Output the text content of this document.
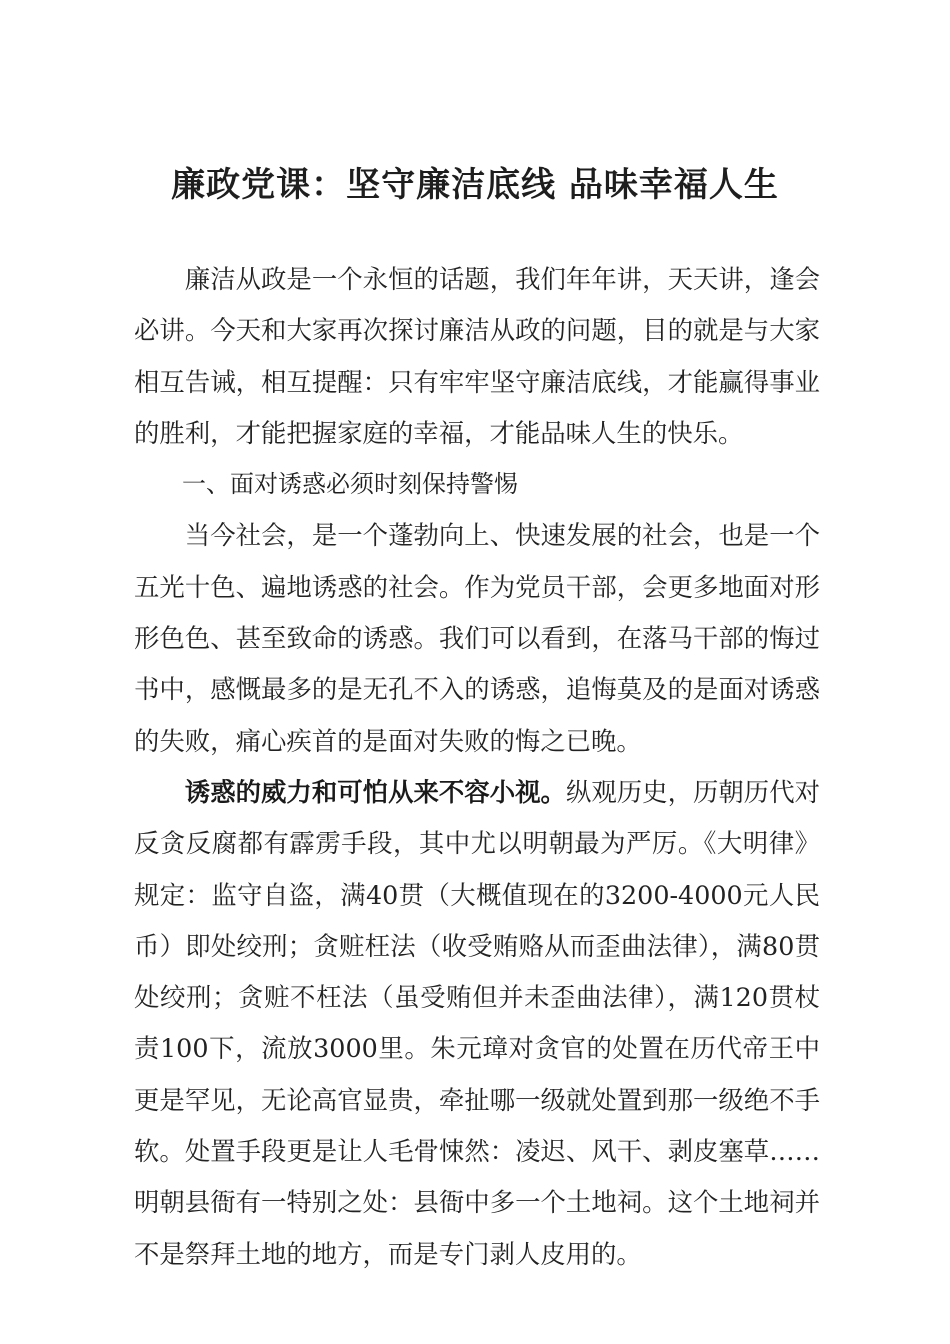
廉政党课：坚守廉洁底线 品味幸福人生

廉洁从政是一个永恒的话题，我们年年讲，天天讲，逢会必讲。今天和大家再次探讨廉洁从政的问题，目的就是与大家相互告诫，相互提醒：只有牢牢坚守廉洁底线，才能赢得事业的胜利，才能把握家庭的幸福，才能品味人生的快乐。

一、面对诱惑必须时刻保持警惕

当今社会，是一个蓬勃向上、快速发展的社会，也是一个五光十色、遍地诱惑的社会。作为党员干部，会更多地面对形形色色、甚至致命的诱惑。我们可以看到，在落马干部的悔过书中，感慨最多的是无孔不入的诱惑，追悔莫及的是面对诱惑的失败，痛心疾首的是面对失败的悔之已晚。

诱惑的威力和可怕从来不容小视。纵观历史，历朝历代对反贪反腐都有霹雳手段，其中尤以明朝最为严厉。《大明律》规定：监守自盗，满40贯（大概值现在的3200-4000元人民币）即处绞刑；贪赃枉法（收受贿赂从而歪曲法律），满80贯处绞刑；贪赃不枉法（虽受贿但并未歪曲法律），满120贯杖责100下，流放3000里。朱元璋对贪官的处置在历代帝王中更是罕见，无论高官显贵，牵扯哪一级就处置到那一级绝不手软。处置手段更是让人毛骨悚然：凌迟、风干、剥皮塞草……明朝县衙有一特别之处：县衙中多一个土地祠。这个土地祠并不是祭拜土地的地方，而是专门剥人皮用的。
